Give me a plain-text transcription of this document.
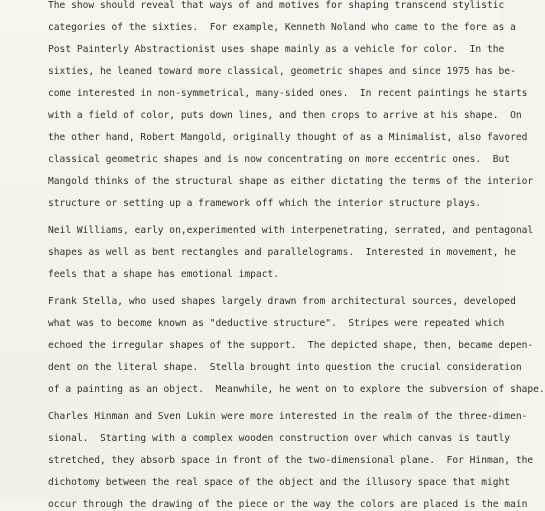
The show should reveal that ways of and motives for shaping transcend stylistic
categories of the sixties.  For example, Kenneth Noland who came to the fore as a
Post Painterly Abstractionist uses shape mainly as a vehicle for color.  In the
sixties, he leaned toward more classical, geometric shapes and since 1975 has be-
come interested in non-symmetrical, many-sided ones.  In recent paintings he starts
with a field of color, puts down lines, and then crops to arrive at his shape.  On
the other hand, Robert Mangold, originally thought of as a Minimalist, also favored
classical geometric shapes and is now concentrating on more eccentric ones.  But
Mangold thinks of the structural shape as either dictating the terms of the interior
structure or setting up a framework off which the interior structure plays.
Neil Williams, early on,experimented with interpenetrating, serrated, and pentagonal
shapes as well as bent rectangles and parallelograms.  Interested in movement, he
feels that a shape has emotional impact.
Frank Stella, who used shapes largely drawn from architectural sources, developed
what was to become known as "deductive structure".  Stripes were repeated which
echoed the irregular shapes of the support.  The depicted shape, then, became depen-
dent on the literal shape.  Stella brought into question the crucial consideration
of a painting as an object.  Meanwhile, he went on to explore the subversion of shape.
Charles Hinman and Sven Lukin were more interested in the realm of the three-dimen-
sional.  Starting with a complex wooden construction over which canvas is tautly
stretched, they absorb space in front of the two-dimensional plane.  For Hinman, the
dichotomy between the real space of the object and the illusory space that might
occur through the drawing of the piece or the way the colors are placed is the main
